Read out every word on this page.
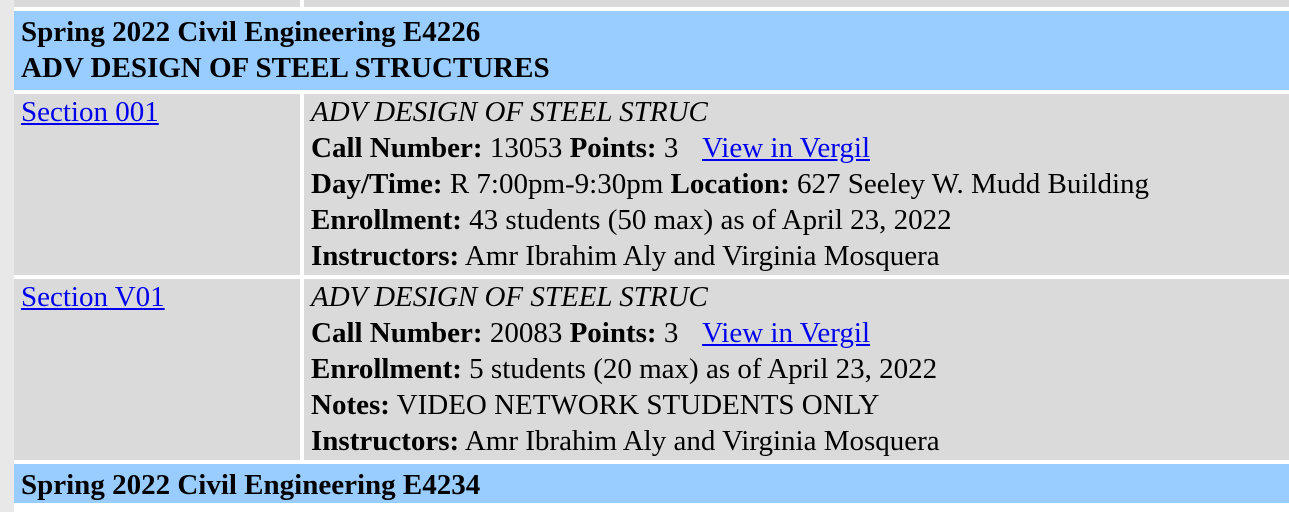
Spring 2022 Civil Engineering E4226
ADV DESIGN OF STEEL STRUCTURES	

Section 001	ADV DESIGN OF STEEL STRUC
Call Number: 13053 Points: 3 View in Vergil
Day/Time: R 7:00pm-9:30pm Location: 627 Seeley W. Mudd Building
Enrollment: 43 students (50 max) as of April 23, 2022
Instructors: Amr Ibrahim Aly and Virginia Mosquera

Section V01	ADV DESIGN OF STEEL STRUC
Call Number: 20083 Points: 3 View in Vergil
Enrollment: 5 students (20 max) as of April 23, 2022
Notes: VIDEO NETWORK STUDENTS ONLY
Instructors: Amr Ibrahim Aly and Virginia Mosquera

Spring 2022 Civil Engineering E4234	
